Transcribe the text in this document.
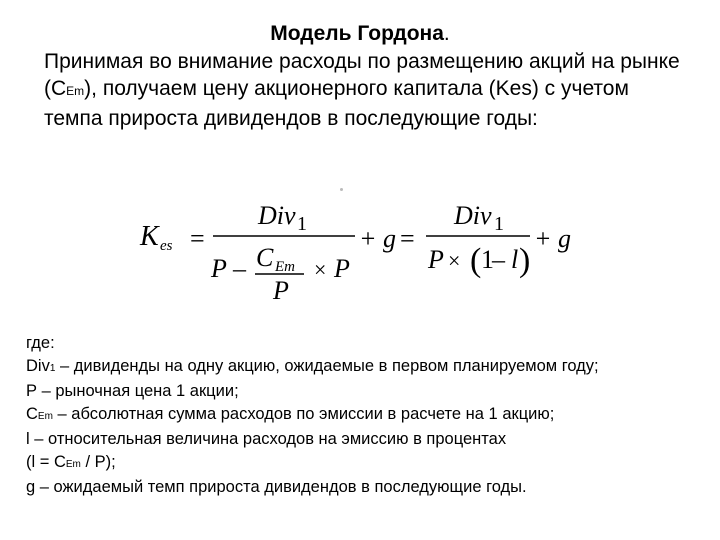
Модель Гордона.
Принимая во внимание расходы по размещению акций на рынке (СEm), получаем цену акционерного капитала (Kes) с учетом темпа прироста дивидендов в последующие годы:
K es =
Div 1
P – C Em
P
× P
+ g =
Div 1
P × ( 1
– l )
+ g
где:
Div1 – дивиденды на одну акцию, ожидаемые в первом планируемом году;
Р – рыночная цена 1 акции;
СEm – абсолютная сумма расходов по эмиссии в расчете на 1 акцию;
l – относительная величина расходов на эмиссию в процентах
(l = СEm / Р);
g – ожидаемый темп прироста дивидендов в последующие годы.
